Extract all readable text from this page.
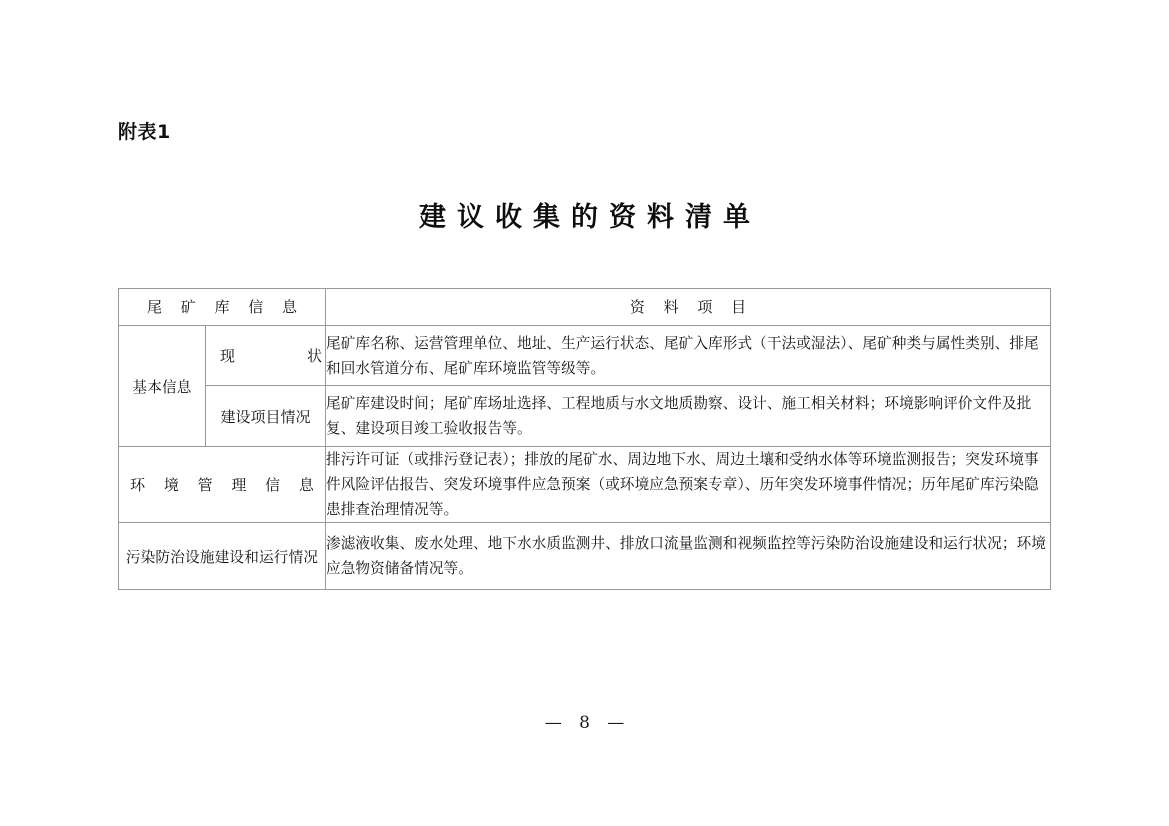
附表1
建议收集的资料清单
尾 矿 库 信 息		资 料 项 目
基本信息	现　　状	尾矿库名称、运营管理单位、地址、生产运行状态、尾矿入库形式（干法或湿法）、尾矿种类与属性类别、排尾和回水管道分布、尾矿库环境监管等级等。
	建设项目情况	尾矿库建设时间；尾矿库场址选择、工程地质与水文地质勘察、设计、施工相关材料；环境影响评价文件及批复、建设项目竣工验收报告等。
环 境 管 理 信 息		排污许可证（或排污登记表）；排放的尾矿水、周边地下水、周边土壤和受纳水体等环境监测报告；突发环境事件风险评估报告、突发环境事件应急预案（或环境应急预案专章）、历年突发环境事件情况；历年尾矿库污染隐患排查治理情况等。
污染防治设施建设和运行情况		渗滤液收集、废水处理、地下水水质监测井、排放口流量监测和视频监控等污染防治设施建设和运行状况；环境应急物资储备情况等。
— 8 —
